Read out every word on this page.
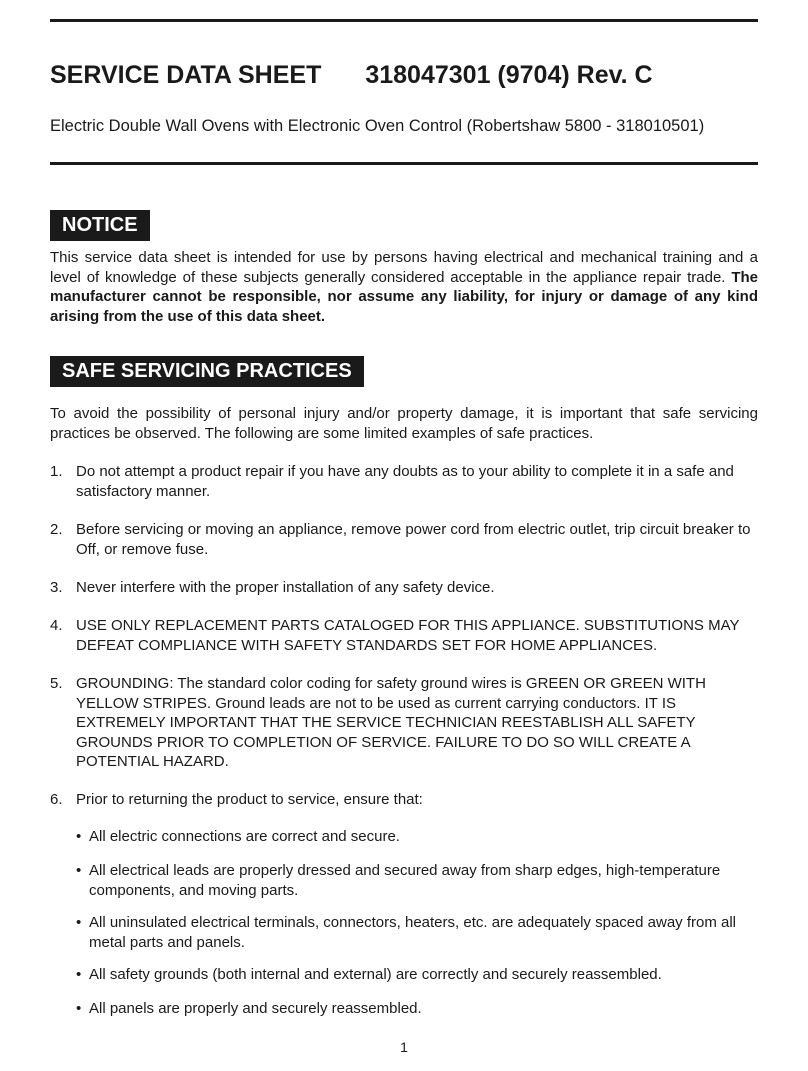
SERVICE DATA SHEET 318047301 (9704) Rev. C

Electric Double Wall Ovens with Electronic Oven Control (Robertshaw 5800 - 318010501)

NOTICE

This service data sheet is intended for use by persons having electrical and mechanical training and a level of knowledge of these subjects generally considered acceptable in the appliance repair trade. The manufacturer cannot be responsible, nor assume any liability, for injury or damage of any kind arising from the use of this data sheet.

SAFE SERVICING PRACTICES

To avoid the possibility of personal injury and/or property damage, it is important that safe servicing practices be observed. The following are some limited examples of safe practices.

1. Do not attempt a product repair if you have any doubts as to your ability to complete it in a safe and satisfactory manner.
2. Before servicing or moving an appliance, remove power cord from electric outlet, trip circuit breaker to Off, or remove fuse.
3. Never interfere with the proper installation of any safety device.
4. USE ONLY REPLACEMENT PARTS CATALOGED FOR THIS APPLIANCE. SUBSTITUTIONS MAY DEFEAT COMPLIANCE WITH SAFETY STANDARDS SET FOR HOME APPLIANCES.
5. GROUNDING: The standard color coding for safety ground wires is GREEN OR GREEN WITH YELLOW STRIPES. Ground leads are not to be used as current carrying conductors. IT IS EXTREMELY IMPORTANT THAT THE SERVICE TECHNICIAN REESTABLISH ALL SAFETY GROUNDS PRIOR TO COMPLETION OF SERVICE. FAILURE TO DO SO WILL CREATE A POTENTIAL HAZARD.
6. Prior to returning the product to service, ensure that:
• All electric connections are correct and secure.
• All electrical leads are properly dressed and secured away from sharp edges, high-temperature components, and moving parts.
• All uninsulated electrical terminals, connectors, heaters, etc. are adequately spaced away from all metal parts and panels.
• All safety grounds (both internal and external) are correctly and securely reassembled.
• All panels are properly and securely reassembled.
1
